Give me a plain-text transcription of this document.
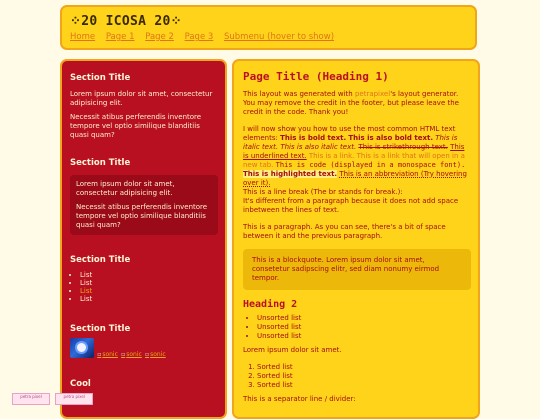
⁘20 ICOSA 20⁘
Home Page 1 Page 2 Page 3 Submenu (hover to show)
Section Title

Lorem ipsum dolor sit amet, consectetur adipisicing elit.

Necessit atibus perferendis inventore tempore vel optio similique blanditiis quasi quam?

Section Title

Lorem ipsum dolor sit amet, consectetur adipisicing elit.

Necessit atibus perferendis inventore tempore vel optio similique blanditiis quasi quam?

Section Title
• List
• List
• List
• List
Section Title
▫ sonic ▫ sonic ▫ sonic
Cool
petra pixel	petra pixel
Page Title (Heading 1)

This layout was generated with petrapixel's layout generator. You may remove the credit in the footer, but please leave the credit in the code. Thank you!

I will now show you how to use the most common HTML text elements: This is bold text. This is also bold text. This is italic text. This is also italic text. This is strikethrough text. This is underlined text. This is a link. This is a link that will open in a new tab. This is code (displayed in a monospace font). This is highlighted text. This is an abbreviation (Try hovering over it).
This is a line break (The br stands for break.):
It's different from a paragraph because it does not add space inbetween the lines of text.

This is a paragraph. As you can see, there's a bit of space between it and the previous paragraph.

This is a blockquote. Lorem ipsum dolor sit amet, consetetur sadipscing elitr, sed diam nonumy eirmod tempor.
Heading 2
• Unsorted list
• Unsorted list
• Unsorted list

Lorem ipsum dolor sit amet.

1. Sorted list
2. Sorted list
3. Sorted list

This is a separator line / divider:
